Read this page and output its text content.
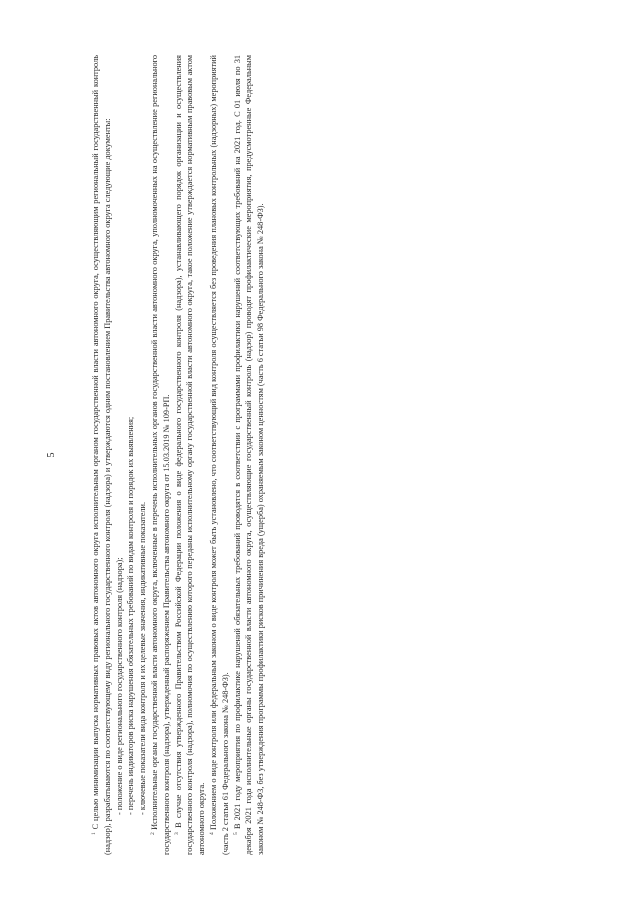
5

$^1$ С целью минимизации выпуска нормативных правовых актов автономного округа исполнительным органом государственной власти автономного округа, осуществляющим региональный государственный контроль (надзор), разрабатываются по соответствующему виду регионального государственного контроля (надзора) и утверждаются одним постановлением Правительства автономного округа следующие документы: - положение о виде регионального государственного контроля (надзора); - перечень индикаторов риска нарушения обязательных требований по видам контроля и порядок их выявления; - ключевые показатели вида контроля и их целевые значения, индикативные показатели.

$^2$ Исполнительные органы государственной власти автономного округа, включенные в перечень исполнительных органов государственной власти автономного округа, уполномоченных на осуществление регионального государственного контроля (надзора), утвержденный распоряжением Правительства автономного округа от 15.03.2019 № 109-РП. $^3$ В случае отсутствия утвержденного Правительством Российской Федерации положения о виде федерального государственного контроля (надзора), устанавливающего порядок организации и осуществления государственного контроля (надзора), полномочия по осуществлению которого переданы исполнительному органу государственной власти автономного округа, такое положение утверждается нормативным правовым актом автономного округа. $^4$ Положением о виде контроля или федеральным законом о виде контроля может быть установлено, что соответствующий вид контроля осуществляется без проведения плановых контрольных (надзорных) мероприятий (часть 2 статьи 61 Федерального закона № 248-ФЗ). $^5$ В 2021 году мероприятия по профилактике нарушений обязательных требований проводятся в соответствии с программами профилактики нарушений соответствующих требований на 2021 год. С 01 июля по 31 декабря 2021 года исполнительные органы государственной власти автономного округа, осуществляющие государственный контроль (надзор) проводят профилактические мероприятия, предусмотренные Федеральным законом № 248-ФЗ, без утверждения программы профилактики рисков причинения вреда (ущерба) охраняемым законом ценностям (часть 6 статьи 98 Федерального закона № 248-ФЗ).
